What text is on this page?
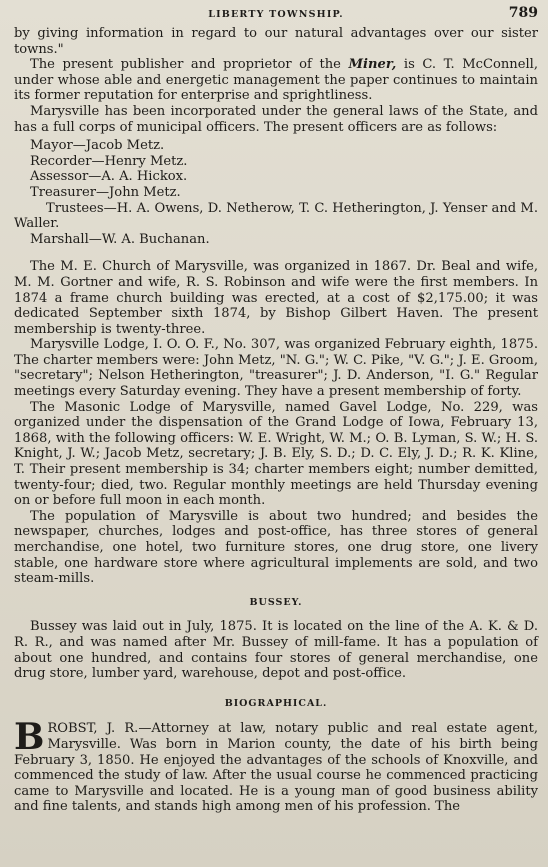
LIBERTY TOWNSHIP.	789

by giving information in regard to our natural advantages over our sister towns."

The present publisher and proprietor of the Miner, is C. T. McConnell, under whose able and energetic management the paper continues to maintain its former reputation for enterprise and sprightliness.

Marysville has been incorporated under the general laws of the State, and has a full corps of municipal officers. The present officers are as follows:

Mayor—Jacob Metz.
Recorder—Henry Metz.
Assessor—A. A. Hickox.
Treasurer—John Metz.
Trustees—H. A. Owens, D. Netherow, T. C. Hetherington, J. Yenser and M. Waller.
Marshall—W. A. Buchanan.

The M. E. Church of Marysville, was organized in 1867. Dr. Beal and wife, M. M. Gortner and wife, R. S. Robinson and wife were the first members. In 1874 a frame church building was erected, at a cost of $2,175.00; it was dedicated September sixth 1874, by Bishop Gilbert Haven. The present membership is twenty-three.

Marysville Lodge, I. O. O. F., No. 307, was organized February eighth, 1875. The charter members were: John Metz, "N. G."; W. C. Pike, "V. G."; J. E. Groom, "secretary"; Nelson Hetherington, "treasurer"; J. D. Anderson, "I. G." Regular meetings every Saturday evening. They have a present membership of forty.

The Masonic Lodge of Marysville, named Gavel Lodge, No. 229, was organized under the dispensation of the Grand Lodge of Iowa, February 13, 1868, with the following officers: W. E. Wright, W. M.; O. B. Lyman, S. W.; H. S. Knight, J. W.; Jacob Metz, secretary; J. B. Ely, S. D.; D. C. Ely, J. D.; R. K. Kline, T. Their present membership is 34; charter members eight; number demitted, twenty-four; died, two. Regular monthly meetings are held Thursday evening on or before full moon in each month.

The population of Marysville is about two hundred; and besides the newspaper, churches, lodges and post-office, has three stores of general merchandise, one hotel, two furniture stores, one drug store, one livery stable, one hardware store where agricultural implements are sold, and two steam-mills.

BUSSEY.

Bussey was laid out in July, 1875. It is located on the line of the A. K. & D. R. R., and was named after Mr. Bussey of mill-fame. It has a population of about one hundred, and contains four stores of general merchandise, one drug store, lumber yard, warehouse, depot and post-office.

BIOGRAPHICAL.

BROBST, J. R.—Attorney at law, notary public and real estate agent, Marysville. Was born in Marion county, the date of his birth being February 3, 1850. He enjoyed the advantages of the schools of Knoxville, and commenced the study of law. After the usual course he commenced practicing came to Marysville and located. He is a young man of good business ability and fine talents, and stands high among men of his profession. The
